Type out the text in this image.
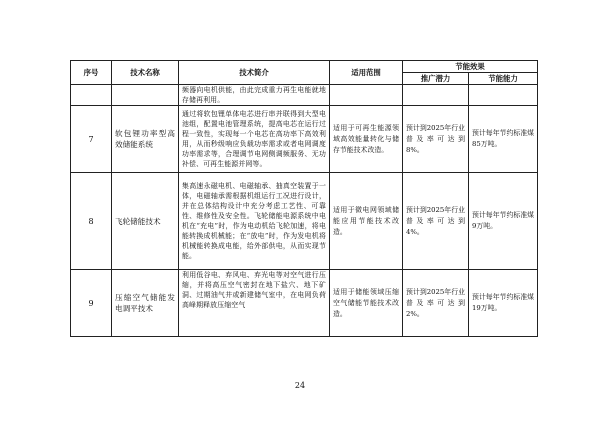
序号	技术名称	技术简介	适用范围	节能效果	
				推广潜力	节能能力
		频器向电机供能，由此完成重力再生电能就地存储再利用。			
7	软包锂功率型高效储能系统	通过将软包锂单体电芯进行串并联得到大型电池组，配置电池管理系统，提高电芯在运行过程一致性，实现每一个电芯在高功率下高效利用，从而秒级响应负载功率需求或者电网调度功率需求等，合理调节电网侧调频服务、无功补偿、可再生能源并网等。	适用于可再生能源领域高效能量转化与储存节能技术改造。	预计到2025年行业普及率可达到8%。	预计每年节约标准煤85万吨。
8	飞轮储能技术	集高速永磁电机、电磁轴承、抽真空装置于一体，电磁轴承需根据机组运行工况进行设计，并在总体结构设计中充分考虑工艺性、可靠性、维修性及安全性。飞轮储能电源系统中电机在“充电”时，作为电动机给飞轮加速，将电能转换成机械能；在“放电”时，作为发电机将机械能转换成电能，给外部供电，从而实现节能。	适用于微电网领域储能应用节能技术改造。	预计到2025年行业普及率可达到4%。	预计每年节约标准煤9万吨。
9	压缩空气储能发电调平技术	利用低谷电、弃风电、弃光电等对空气进行压缩，并将高压空气密封在地下盐穴、地下矿洞、过期油气井或新建储气室中，在电网负荷高峰期释放压缩空气	适用于储能领域压缩空气储能节能技术改造。	预计到2025年行业普及率可达到2%。	预计每年节约标准煤19万吨。
24
